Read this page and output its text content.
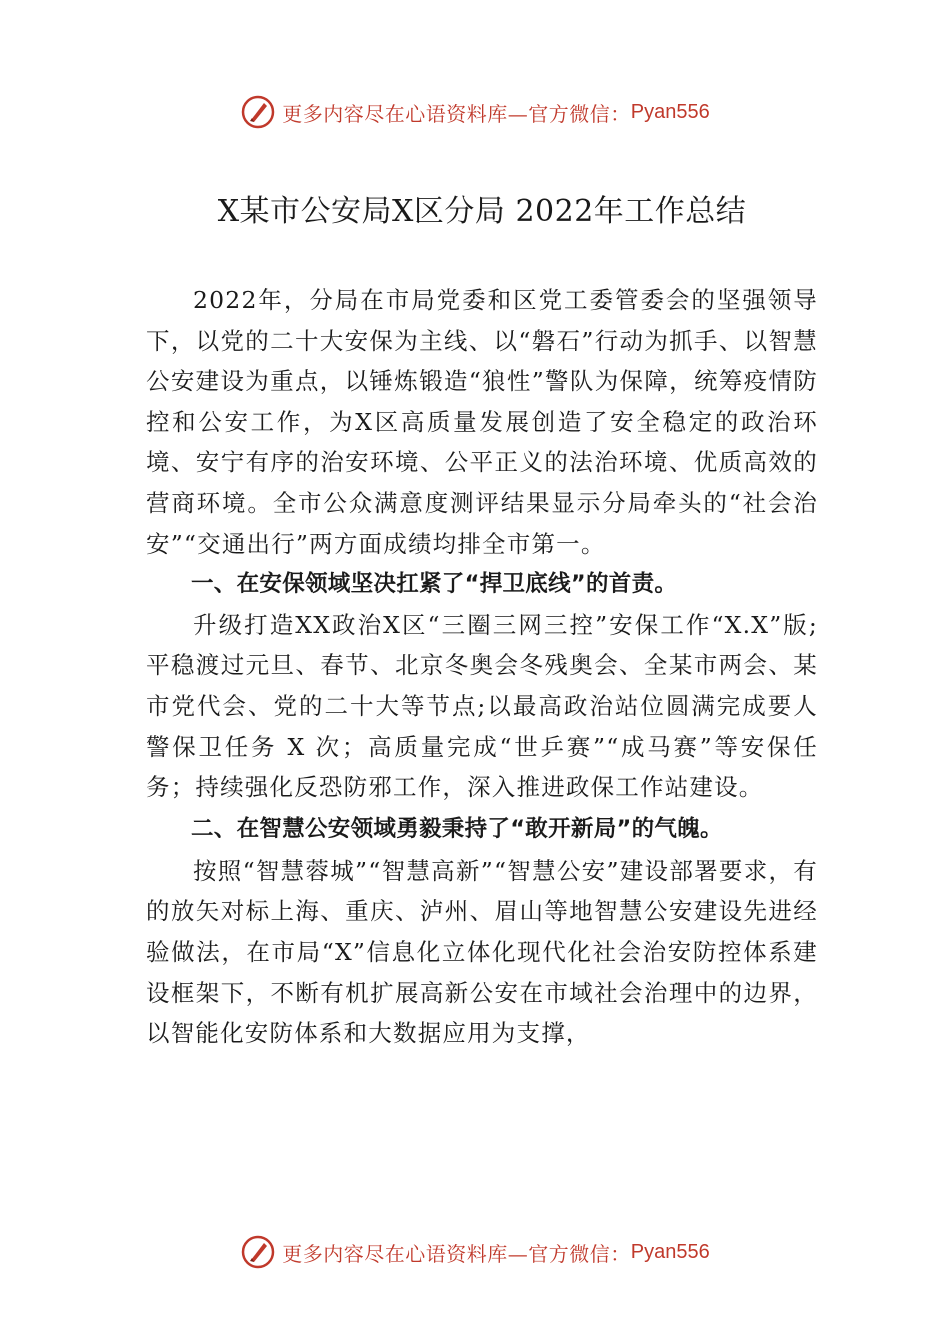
更多内容尽在心语资料库—官方微信： Pyan556
X某市公安局X区分局 2022年工作总结

2022年，分局在市局党委和区党工委管委会的坚强领导下，以党的二十大安保为主线、以“磐石”行动为抓手、以智慧公安建设为重点，以锤炼锻造“狼性”警队为保障，统筹疫情防控和公安工作，为X区高质量发展创造了安全稳定的政治环境、安宁有序的治安环境、公平正义的法治环境、优质高效的营商环境。全市公众满意度测评结果显示分局牵头的“社会治安”“交通出行”两方面成绩均排全市第一。

一、在安保领域坚决扛紧了“捍卫底线”的首责。

升级打造XX政治X区“三圈三网三控”安保工作“X.X”版;平稳渡过元旦、春节、北京冬奥会冬残奥会、全某市两会、某市党代会、党的二十大等节点;以最高政治站位圆满完成要人警保卫任务 X 次；高质量完成“世乒赛”“成马赛”等安保任务；持续强化反恐防邪工作，深入推进政保工作站建设。

二、在智慧公安领域勇毅秉持了“敢开新局”的气魄。

按照“智慧蓉城”“智慧高新”“智慧公安”建设部署要求，有的放矢对标上海、重庆、泸州、眉山等地智慧公安建设先进经验做法，在市局“X”信息化立体化现代化社会治安防控体系建设框架下，不断有机扩展高新公安在市域社会治理中的边界，以智能化安防体系和大数据应用为支撑，

更多内容尽在心语资料库—官方微信： Pyan556
